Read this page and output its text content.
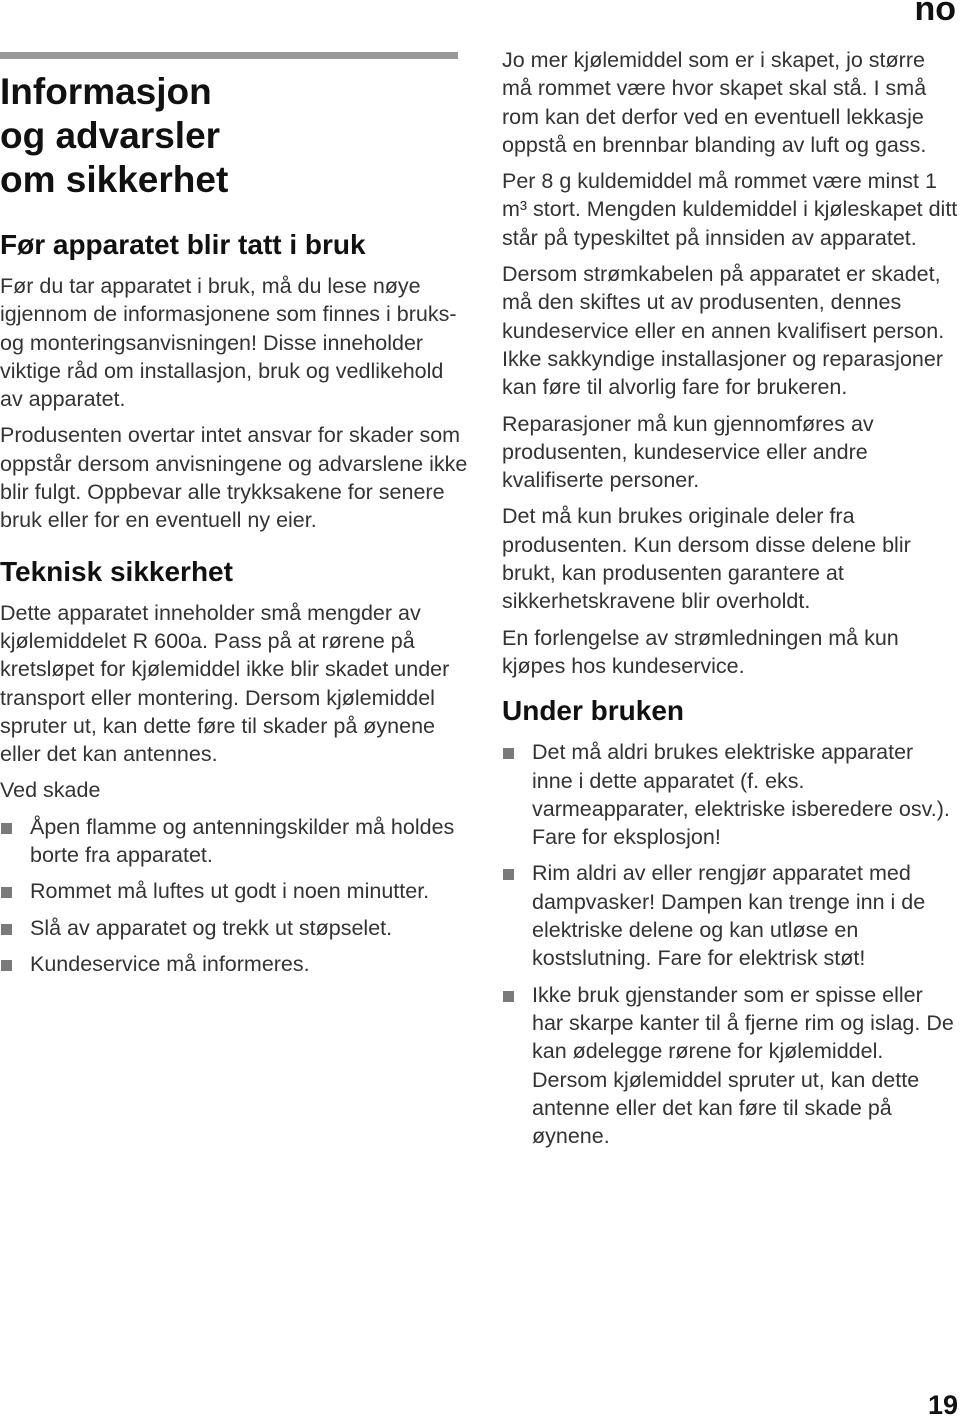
no
Informasjon
og advarsler
om sikkerhet
Før apparatet blir tatt i bruk

Før du tar apparatet i bruk, må du lese nøye igjennom de informasjonene som finnes i bruks- og monteringsanvisningen! Disse inneholder viktige råd om installasjon, bruk og vedlikehold av apparatet.

Produsenten overtar intet ansvar for skader som oppstår dersom anvisningene og advarslene ikke blir fulgt. Oppbevar alle trykksakene for senere bruk eller for en eventuell ny eier.

Teknisk sikkerhet

Dette apparatet inneholder små mengder av kjølemiddelet R 600a. Pass på at rørene på kretsløpet for kjølemiddel ikke blir skadet under transport eller montering. Dersom kjølemiddel spruter ut, kan dette føre til skader på øynene eller det kan antennes.

Ved skade

Åpen flamme og antenningskilder må holdes borte fra apparatet.
Rommet må luftes ut godt i noen minutter.
Slå av apparatet og trekk ut støpselet.
Kundeservice må informeres.

Jo mer kjølemiddel som er i skapet, jo større må rommet være hvor skapet skal stå. I små rom kan det derfor ved en eventuell lekkasje oppstå en brennbar blanding av luft og gass.

Per 8 g kuldemiddel må rommet være minst 1 m³ stort. Mengden kuldemiddel i kjøleskapet ditt står på typeskiltet på innsiden av apparatet.

Dersom strømkabelen på apparatet er skadet, må den skiftes ut av produsenten, dennes kundeservice eller en annen kvalifisert person. Ikke sakkyndige installasjoner og reparasjoner kan føre til alvorlig fare for brukeren.

Reparasjoner må kun gjennomføres av produsenten, kundeservice eller andre kvalifiserte personer.

Det må kun brukes originale deler fra produsenten. Kun dersom disse delene blir brukt, kan produsenten garantere at sikkerhetskravene blir overholdt.

En forlengelse av strømledningen må kun kjøpes hos kundeservice.

Under bruken
Det må aldri brukes elektriske apparater inne i dette apparatet (f. eks. varmeapparater, elektriske isberedere osv.). Fare for eksplosjon!
Rim aldri av eller rengjør apparatet med dampvasker! Dampen kan trenge inn i de elektriske delene og kan utløse en kostslutning. Fare for elektrisk støt!
Ikke bruk gjenstander som er spisse eller har skarpe kanter til å fjerne rim og islag. De kan ødelegge rørene for kjølemiddel. Dersom kjølemiddel spruter ut, kan dette antenne eller det kan føre til skade på øynene.
19
